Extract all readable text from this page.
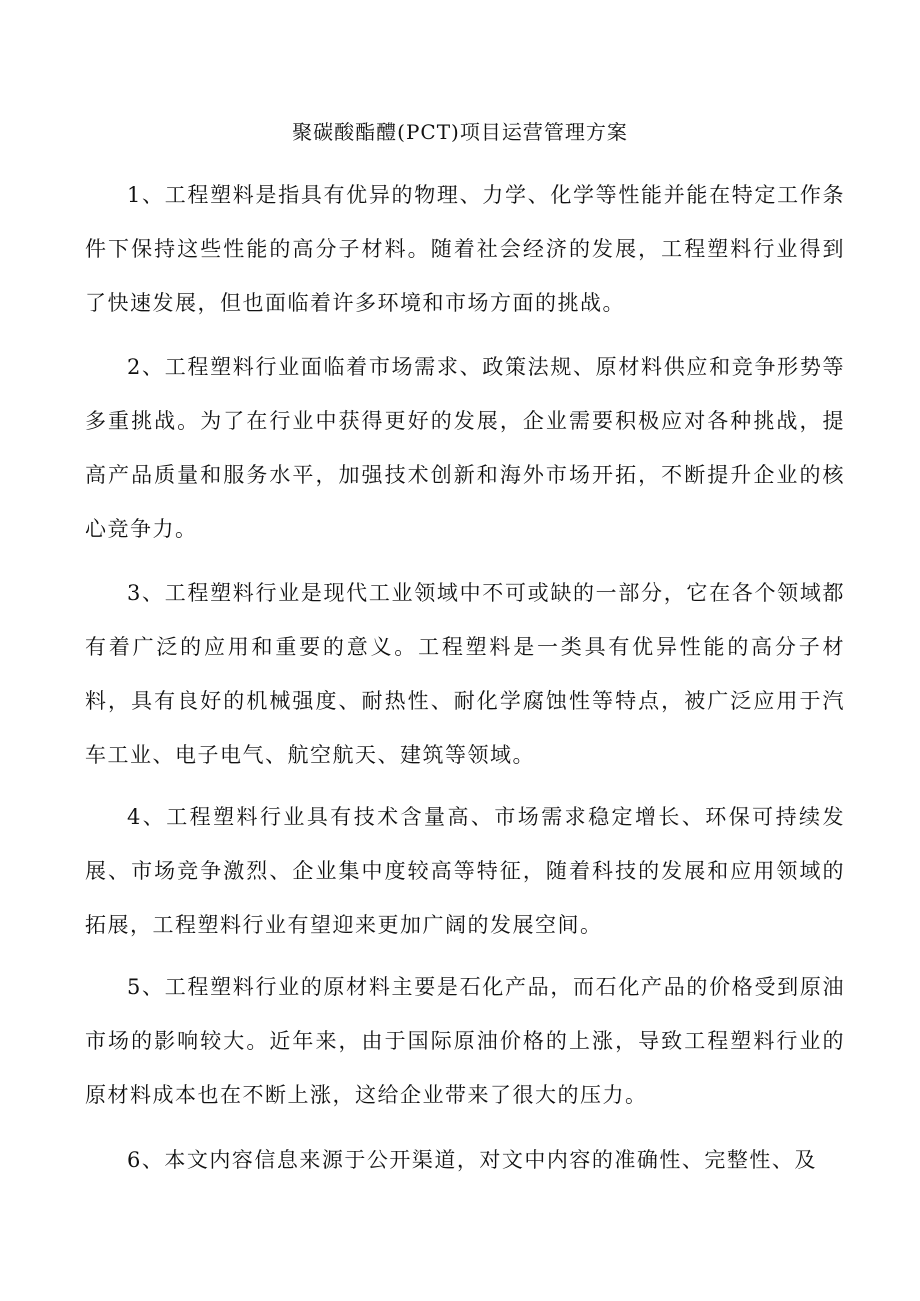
聚碳酸酯醴(PCT)项目运营管理方案

1、工程塑料是指具有优异的物理、力学、化学等性能并能在特定工作条件下保持这些性能的高分子材料。随着社会经济的发展，工程塑料行业得到了快速发展，但也面临着许多环境和市场方面的挑战。

2、工程塑料行业面临着市场需求、政策法规、原材料供应和竞争形势等多重挑战。为了在行业中获得更好的发展，企业需要积极应对各种挑战，提高产品质量和服务水平，加强技术创新和海外市场开拓，不断提升企业的核心竞争力。

3、工程塑料行业是现代工业领域中不可或缺的一部分，它在各个领域都有着广泛的应用和重要的意义。工程塑料是一类具有优异性能的高分子材料，具有良好的机械强度、耐热性、耐化学腐蚀性等特点，被广泛应用于汽车工业、电子电气、航空航天、建筑等领域。

4、工程塑料行业具有技术含量高、市场需求稳定增长、环保可持续发展、市场竞争激烈、企业集中度较高等特征，随着科技的发展和应用领域的拓展，工程塑料行业有望迎来更加广阔的发展空间。

5、工程塑料行业的原材料主要是石化产品，而石化产品的价格受到原油市场的影响较大。近年来，由于国际原油价格的上涨，导致工程塑料行业的原材料成本也在不断上涨，这给企业带来了很大的压力。

6、本文内容信息来源于公开渠道，对文中内容的准确性、完整性、及
